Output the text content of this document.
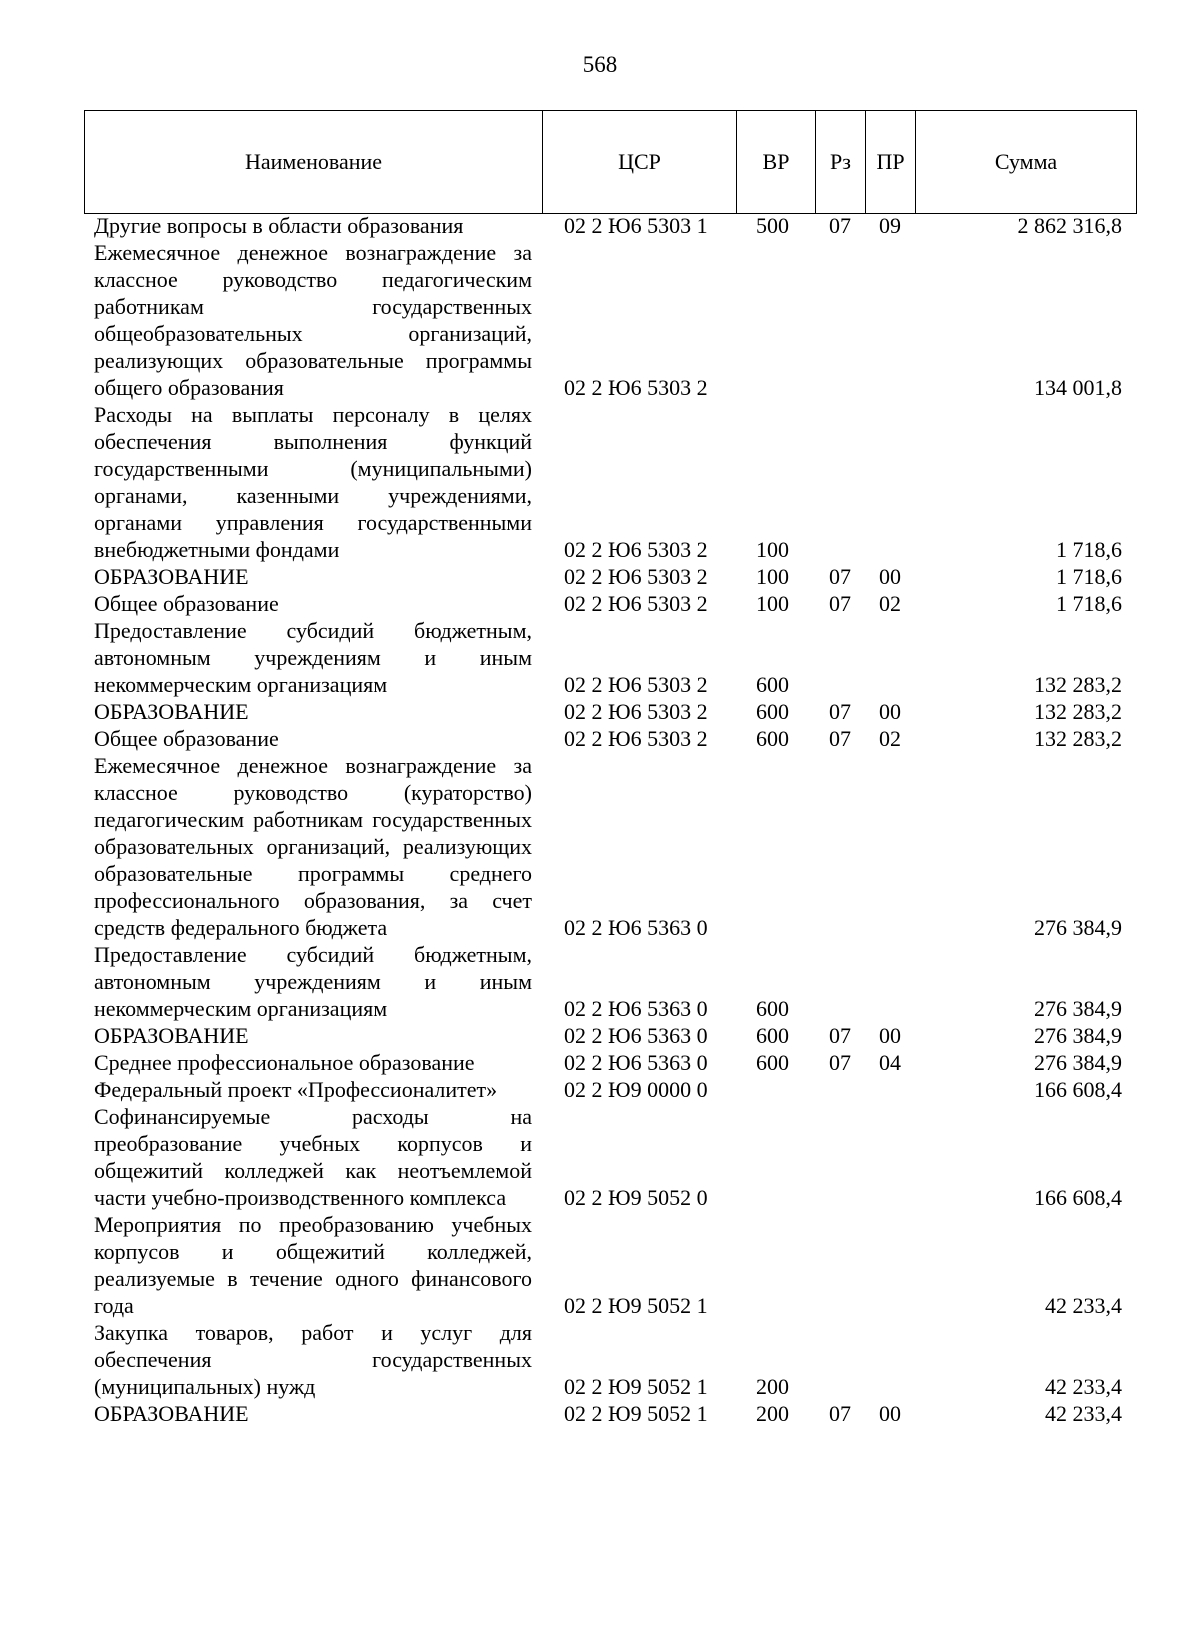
568
Наименование	ЦСР	ВР	Рз	ПР	Сумма
Другие вопросы в области образования	02 2 Ю6 5303 1	500	07	09	2 862 316,8
Ежемесячное денежное вознаграждение за классное руководство педагогическим работникам государственных общеобразовательных организаций, реализующих образовательные программы общего образования	02 2 Ю6 5303 2				134 001,8
Расходы на выплаты персоналу в целях обеспечения выполнения функций государственными (муниципальными) органами, казенными учреждениями, органами управления государственными внебюджетными фондами	02 2 Ю6 5303 2	100			1 718,6
ОБРАЗОВАНИЕ	02 2 Ю6 5303 2	100	07	00	1 718,6
Общее образование	02 2 Ю6 5303 2	100	07	02	1 718,6
Предоставление субсидий бюджетным, автономным учреждениям и иным некоммерческим организациям	02 2 Ю6 5303 2	600			132 283,2
ОБРАЗОВАНИЕ	02 2 Ю6 5303 2	600	07	00	132 283,2
Общее образование	02 2 Ю6 5303 2	600	07	02	132 283,2
Ежемесячное денежное вознаграждение за классное руководство (кураторство) педагогическим работникам государственных образовательных организаций, реализующих образовательные программы среднего профессионального образования, за счет средств федерального бюджета	02 2 Ю6 5363 0				276 384,9
Предоставление субсидий бюджетным, автономным учреждениям и иным некоммерческим организациям	02 2 Ю6 5363 0	600			276 384,9
ОБРАЗОВАНИЕ	02 2 Ю6 5363 0	600	07	00	276 384,9
Среднее профессиональное образование	02 2 Ю6 5363 0	600	07	04	276 384,9
Федеральный проект «Профессионалитет»	02 2 Ю9 0000 0				166 608,4
Софинансируемые расходы на преобразование учебных корпусов и общежитий колледжей как неотъемлемой части учебно-производственного комплекса	02 2 Ю9 5052 0				166 608,4
Мероприятия по преобразованию учебных корпусов и общежитий колледжей, реализуемые в течение одного финансового года	02 2 Ю9 5052 1				42 233,4
Закупка товаров, работ и услуг для обеспечения государственных (муниципальных) нужд	02 2 Ю9 5052 1	200			42 233,4
ОБРАЗОВАНИЕ	02 2 Ю9 5052 1	200	07	00	42 233,4
